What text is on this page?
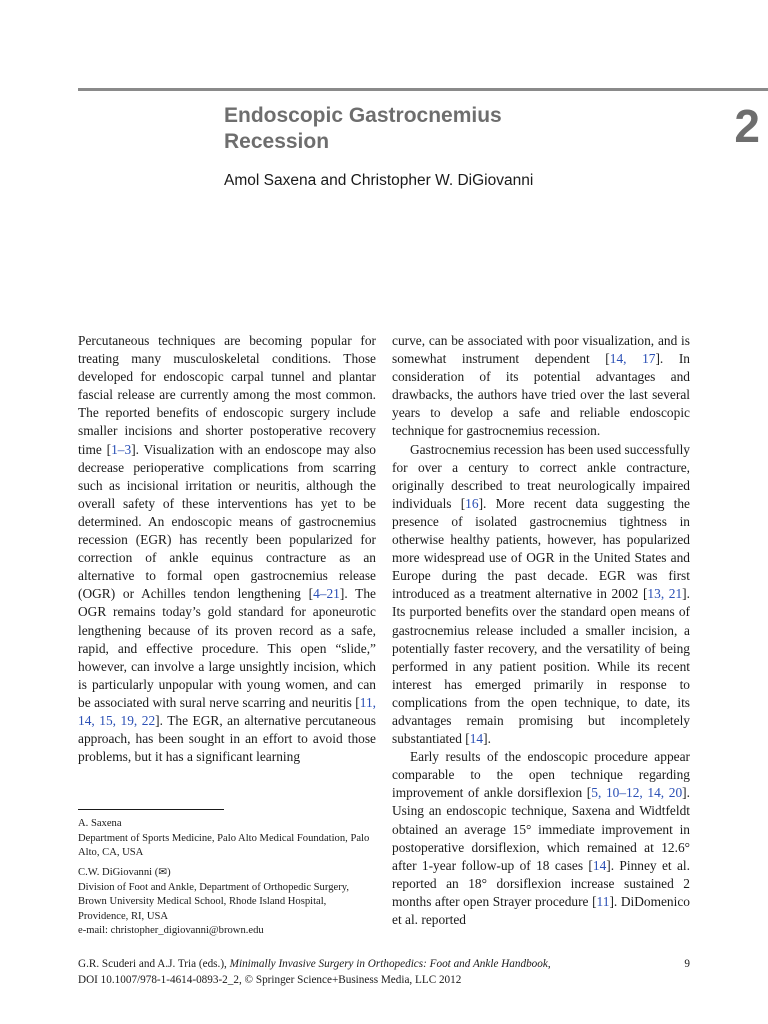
Endoscopic Gastrocnemius
Recession	2
Amol Saxena and Christopher W. DiGiovanni

Percutaneous techniques are becoming popular for treating many musculoskeletal conditions. Those developed for endoscopic carpal tunnel and plantar fascial release are currently among the most common. The reported benefits of endoscopic surgery include smaller incisions and shorter postoperative recovery time [1–3]. Visualization with an endoscope may also decrease perioperative complications from scarring such as incisional irritation or neuritis, although the overall safety of these interventions has yet to be determined. An endoscopic means of gastrocnemius recession (EGR) has recently been popularized for correction of ankle equinus contracture as an alternative to formal open gastrocnemius release (OGR) or Achilles tendon lengthening [4–21]. The OGR remains today’s gold standard for aponeurotic lengthening because of its proven record as a safe, rapid, and effective procedure. This open “slide,” however, can involve a large unsightly incision, which is particularly unpopular with young women, and can be associated with sural nerve scarring and neuritis [11, 14, 15, 19, 22]. The EGR, an alternative percutaneous approach, has been sought in an effort to avoid those problems, but it has a significant learning

curve, can be associated with poor visualization, and is somewhat instrument dependent [14, 17]. In consideration of its potential advantages and drawbacks, the authors have tried over the last several years to develop a safe and reliable endoscopic technique for gastrocnemius recession.

Gastrocnemius recession has been used successfully for over a century to correct ankle contracture, originally described to treat neurologically impaired individuals [16]. More recent data suggesting the presence of isolated gastrocnemius tightness in otherwise healthy patients, however, has popularized more widespread use of OGR in the United States and Europe during the past decade. EGR was first introduced as a treatment alternative in 2002 [13, 21]. Its purported benefits over the standard open means of gastrocnemius release included a smaller incision, a potentially faster recovery, and the versatility of being performed in any patient position. While its recent interest has emerged primarily in response to complications from the open technique, to date, its advantages remain promising but incompletely substantiated [14].

Early results of the endoscopic procedure appear comparable to the open technique regarding improvement of ankle dorsiflexion [5, 10–12, 14, 20]. Using an endoscopic technique, Saxena and Widtfeldt obtained an average 15° immediate improvement in postoperative dorsiflexion, which remained at 12.6° after 1-year follow-up of 18 cases [14]. Pinney et al. reported an 18° dorsiflexion increase sustained 2 months after open Strayer procedure [11]. DiDomenico et al. reported

A. Saxena
Department of Sports Medicine, Palo Alto Medical Foundation, Palo Alto, CA, USA
C.W. DiGiovanni (✉)
Division of Foot and Ankle, Department of Orthopedic Surgery, Brown University Medical School, Rhode Island Hospital, Providence, RI, USA
e-mail: christopher_digiovanni@brown.edu
G.R. Scuderi and A.J. Tria (eds.), Minimally Invasive Surgery in Orthopedics: Foot and Ankle Handbook,
DOI 10.1007/978-1-4614-0893-2_2, © Springer Science+Business Media, LLC 2012
9
